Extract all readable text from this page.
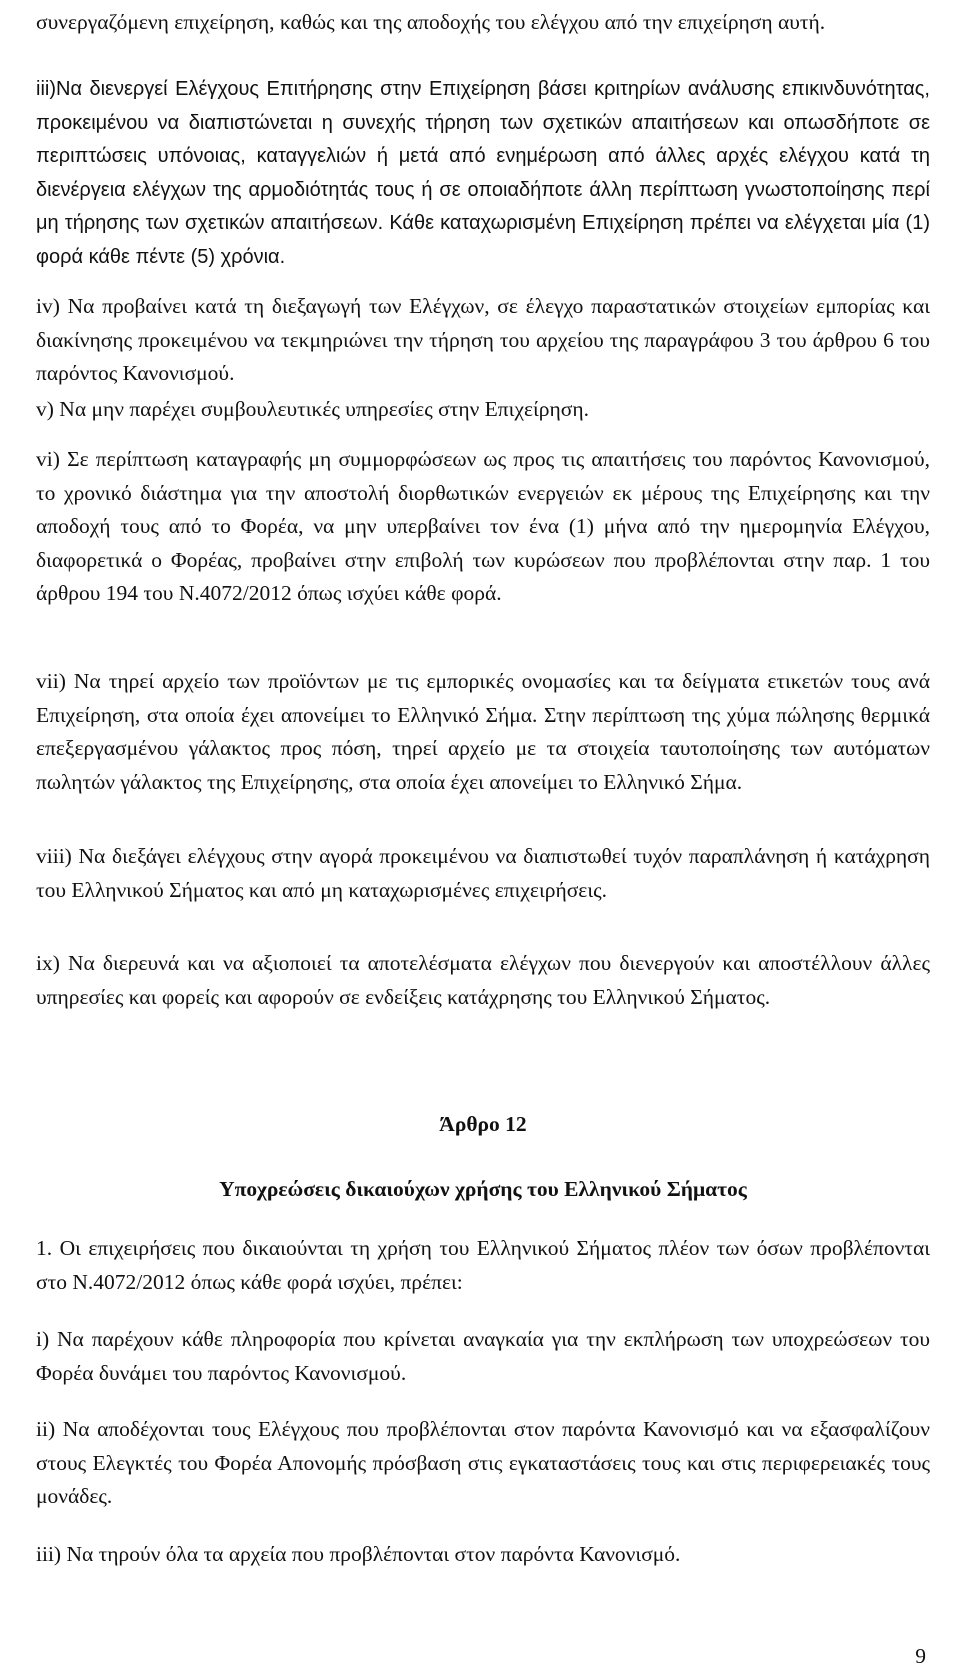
συνεργαζόμενη επιχείρηση, καθώς και της αποδοχής του ελέγχου από την επιχείρηση αυτή.
iii)Να διενεργεί Ελέγχους Επιτήρησης στην Επιχείρηση βάσει κριτηρίων ανάλυσης επικινδυνότητας, προκειμένου να διαπιστώνεται η συνεχής τήρηση των σχετικών απαιτήσεων και οπωσδήποτε σε περιπτώσεις υπόνοιας, καταγγελιών ή μετά από ενημέρωση από άλλες αρχές ελέγχου κατά τη διενέργεια ελέγχων της αρμοδιότητάς τους ή σε οποιαδήποτε άλλη περίπτωση γνωστοποίησης περί μη τήρησης των σχετικών απαιτήσεων. Κάθε καταχωρισμένη Επιχείρηση πρέπει να ελέγχεται μία (1) φορά κάθε πέντε (5) χρόνια.
iv) Να προβαίνει κατά τη διεξαγωγή των Ελέγχων, σε έλεγχο παραστατικών στοιχείων εμπορίας και διακίνησης προκειμένου να τεκμηριώνει την τήρηση του αρχείου της παραγράφου 3 του άρθρου 6 του παρόντος Κανονισμού.
v) Να μην παρέχει συμβουλευτικές υπηρεσίες στην Επιχείρηση.
vi) Σε περίπτωση καταγραφής μη συμμορφώσεων ως προς τις απαιτήσεις του παρόντος Κανονισμού, το χρονικό διάστημα για την αποστολή διορθωτικών ενεργειών εκ μέρους της Επιχείρησης και την αποδοχή τους από το Φορέα, να μην υπερβαίνει τον ένα (1) μήνα από την ημερομηνία Ελέγχου, διαφορετικά ο Φορέας, προβαίνει στην επιβολή των κυρώσεων που προβλέπονται στην παρ. 1 του άρθρου 194 του Ν.4072/2012 όπως ισχύει κάθε φορά.
vii) Να τηρεί αρχείο των προϊόντων με τις εμπορικές ονομασίες και τα δείγματα ετικετών τους ανά Επιχείρηση, στα οποία έχει απονείμει το Ελληνικό Σήμα. Στην περίπτωση της χύμα πώλησης θερμικά επεξεργασμένου γάλακτος προς πόση, τηρεί αρχείο με τα στοιχεία ταυτοποίησης των αυτόματων πωλητών γάλακτος της Επιχείρησης, στα οποία έχει απονείμει το Ελληνικό Σήμα.
viii) Να διεξάγει ελέγχους στην αγορά προκειμένου να διαπιστωθεί τυχόν παραπλάνηση ή κατάχρηση του Ελληνικού Σήματος και από μη καταχωρισμένες επιχειρήσεις.
ix) Να διερευνά και να αξιοποιεί τα αποτελέσματα ελέγχων που διενεργούν και αποστέλλουν άλλες υπηρεσίες και φορείς και αφορούν σε ενδείξεις κατάχρησης του Ελληνικού Σήματος.
Άρθρο 12
Υποχρεώσεις δικαιούχων χρήσης του Ελληνικού Σήματος
1. Οι επιχειρήσεις που δικαιούνται τη χρήση του Ελληνικού Σήματος πλέον των όσων προβλέπονται στο Ν.4072/2012 όπως κάθε φορά ισχύει, πρέπει:
i) Να παρέχουν κάθε πληροφορία που κρίνεται αναγκαία για την εκπλήρωση των υποχρεώσεων του Φορέα δυνάμει του παρόντος Κανονισμού.
ii) Να αποδέχονται τους Ελέγχους που προβλέπονται στον παρόντα Κανονισμό και να εξασφαλίζουν στους Ελεγκτές του Φορέα Απονομής πρόσβαση στις εγκαταστάσεις τους και στις περιφερειακές τους μονάδες.
iii) Να τηρούν όλα τα αρχεία που προβλέπονται στον παρόντα Κανονισμό.
9
